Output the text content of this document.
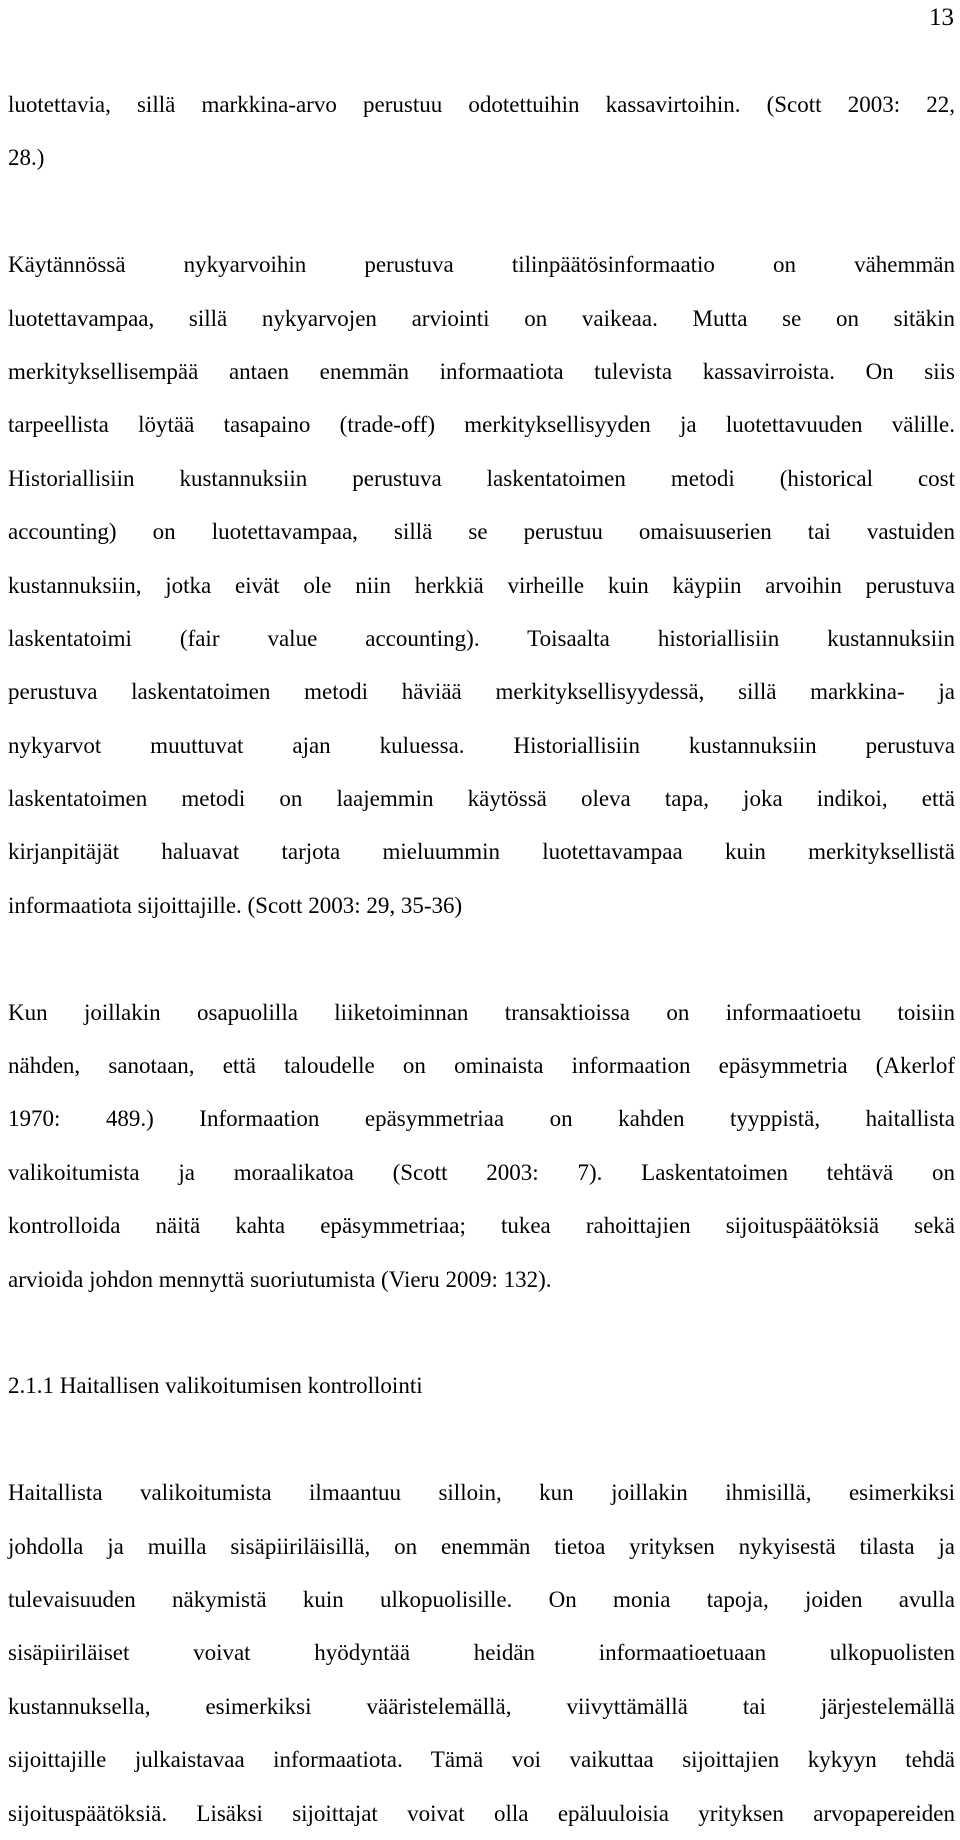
13
luotettavia, sillä markkina-arvo perustuu odotettuihin kassavirtoihin. (Scott 2003: 22,
28.)
Käytännössä nykyarvoihin perustuva tilinpäätösinformaatio on vähemmän
luotettavampaa, sillä nykyarvojen arviointi on vaikeaa. Mutta se on sitäkin
merkityksellisempää antaen enemmän informaatiota tulevista kassavirroista. On siis
tarpeellista löytää tasapaino (trade-off) merkityksellisyyden ja luotettavuuden välille.
Historiallisiin kustannuksiin perustuva laskentatoimen metodi (historical cost
accounting) on luotettavampaa, sillä se perustuu omaisuuserien tai vastuiden
kustannuksiin, jotka eivät ole niin herkkiä virheille kuin käypiin arvoihin perustuva
laskentatoimi (fair value accounting). Toisaalta historiallisiin kustannuksiin
perustuva laskentatoimen metodi häviää merkityksellisyydessä, sillä markkina- ja
nykyarvot muuttuvat ajan kuluessa. Historiallisiin kustannuksiin perustuva
laskentatoimen metodi on laajemmin käytössä oleva tapa, joka indikoi, että
kirjanpitäjät haluavat tarjota mieluummin luotettavampaa kuin merkityksellistä
informaatiota sijoittajille. (Scott 2003: 29, 35-36)
Kun joillakin osapuolilla liiketoiminnan transaktioissa on informaatioetu toisiin
nähden, sanotaan, että taloudelle on ominaista informaation epäsymmetria (Akerlof
1970: 489.) Informaation epäsymmetriaa on kahden tyyppistä, haitallista
valikoitumista ja moraalikatoa (Scott 2003: 7). Laskentatoimen tehtävä on
kontrolloida näitä kahta epäsymmetriaa; tukea rahoittajien sijoituspäätöksiä sekä
arvioida johdon mennyttä suoriutumista (Vieru 2009: 132).
2.1.1 Haitallisen valikoitumisen kontrollointi
Haitallista valikoitumista ilmaantuu silloin, kun joillakin ihmisillä, esimerkiksi
johdolla ja muilla sisäpiiriläisillä, on enemmän tietoa yrityksen nykyisestä tilasta ja
tulevaisuuden näkymistä kuin ulkopuolisille. On monia tapoja, joiden avulla
sisäpiiriläiset voivat hyödyntää heidän informaatioetuaan ulkopuolisten
kustannuksella, esimerkiksi vääristelemällä, viivyttämällä tai järjestelemällä
sijoittajille julkaistavaa informaatiota. Tämä voi vaikuttaa sijoittajien kykyyn tehdä
sijoituspäätöksiä. Lisäksi sijoittajat voivat olla epäluuloisia yrityksen arvopapereiden
